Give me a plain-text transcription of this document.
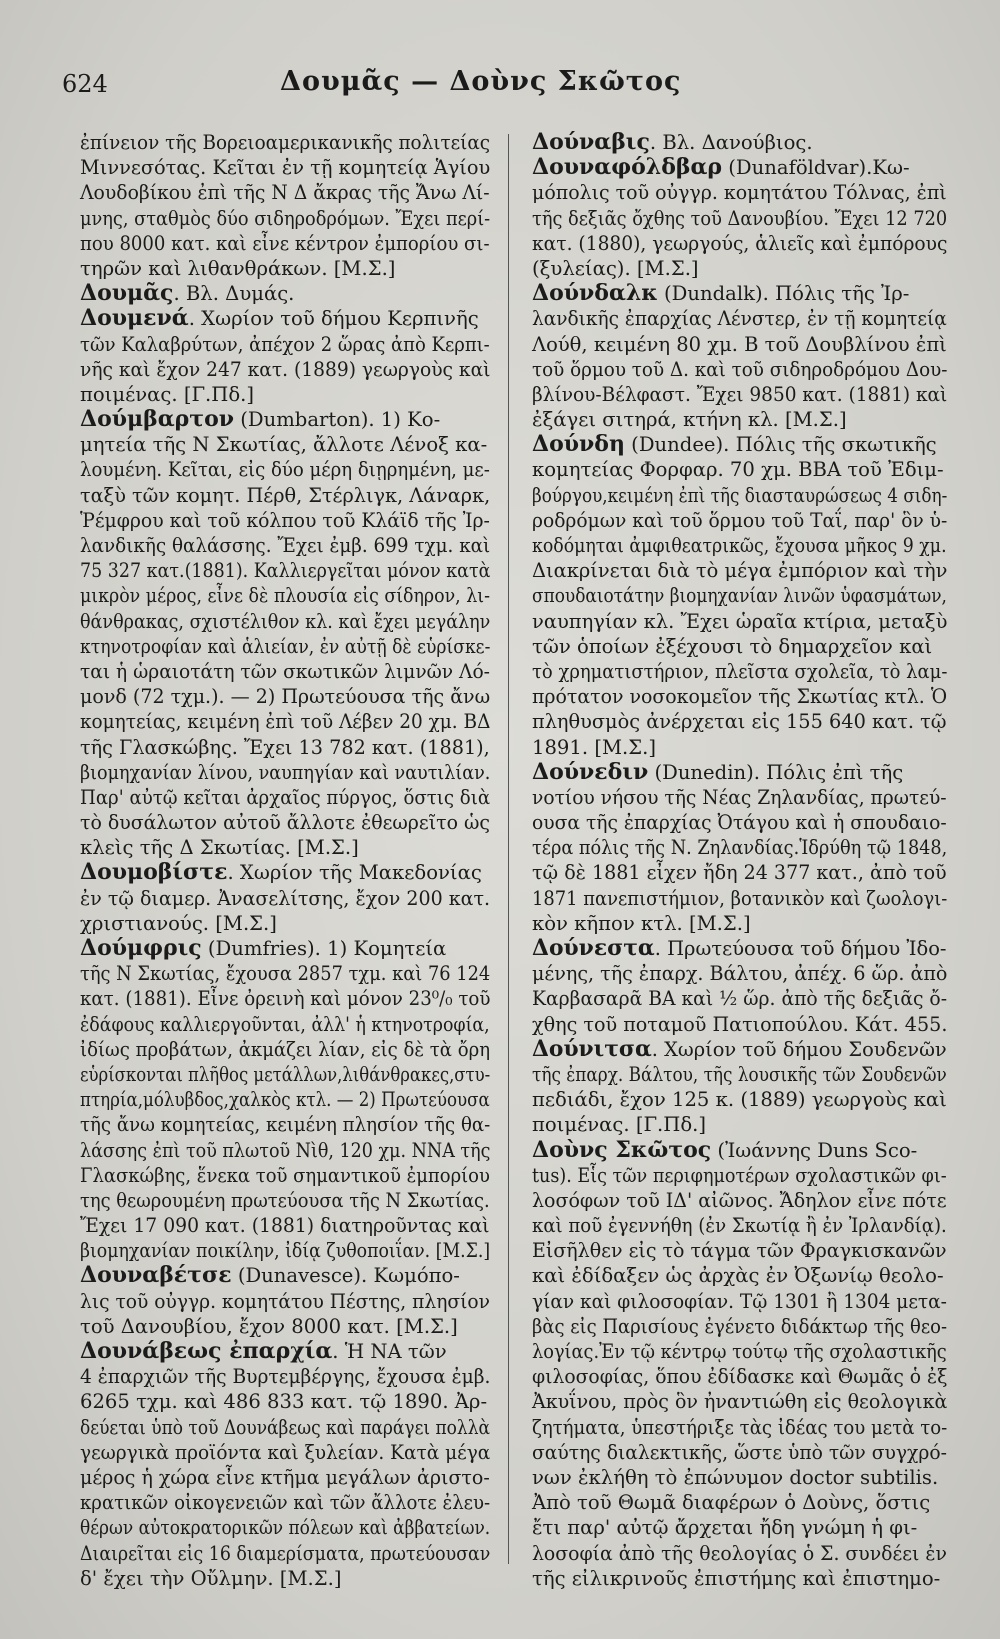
624	Δουμᾶς — Δοὺνς Σκῶτος
ἐπίνειον τῆς Βορειοαμερικανικῆς πολιτείας
Μιννεσότας. Κεῖται ἐν τῇ κομητείᾳ Ἁγίου
Λουδοβίκου ἐπὶ τῆς Ν Δ ἄκρας τῆς Ἄνω Λί-
μνης, σταθμὸς δύο σιδηροδρόμων. Ἔχει περί-
που 8000 κατ. καὶ εἶνε κέντρον ἐμπορίου σι-
τηρῶν καὶ λιθανθράκων. [Μ.Σ.]
Δουμᾶς. Βλ. Δυμάς.
Δουμενά. Χωρίον τοῦ δήμου Κερπινῆς
τῶν Καλαβρύτων, ἀπέχον 2 ὥρας ἀπὸ Κερπι-
νῆς καὶ ἔχον 247 κατ. (1889) γεωργοὺς καὶ
ποιμένας. [Γ.Πδ.]
Δούμβαρτον (Dumbarton). 1) Κο-
μητεία τῆς Ν Σκωτίας, ἄλλοτε Λένοξ κα-
λουμένη. Κεῖται, εἰς δύο μέρη διῃρημένη, με-
ταξὺ τῶν κομητ. Πέρθ, Στέρλιγκ, Λάναρκ,
Ῥέμφρου καὶ τοῦ κόλπου τοῦ Κλάϊδ τῆς Ἰρ-
λανδικῆς θαλάσσης. Ἔχει ἐμβ. 699 τχμ. καὶ
75 327 κατ.(1881). Καλλιεργεῖται μόνον κατὰ
μικρὸν μέρος, εἶνε δὲ πλουσία εἰς σίδηρον, λι-
θάνθρακας, σχιστέλιθον κλ. καὶ ἔχει μεγάλην
κτηνοτροφίαν καὶ ἁλιείαν, ἐν αὐτῇ δὲ εὑρίσκε-
ται ἡ ὡραιοτάτη τῶν σκωτικῶν λιμνῶν Λό-
μονδ (72 τχμ.). — 2) Πρωτεύουσα τῆς ἄνω
κομητείας, κειμένη ἐπὶ τοῦ Λέβεν 20 χμ. ΒΔ
τῆς Γλασκώβης. Ἔχει 13 782 κατ. (1881),
βιομηχανίαν λίνου, ναυπηγίαν καὶ ναυτιλίαν.
Παρ' αὐτῷ κεῖται ἀρχαῖος πύργος, ὅστις διὰ
τὸ δυσάλωτον αὐτοῦ ἄλλοτε ἐθεωρεῖτο ὡς
κλεὶς τῆς Δ Σκωτίας. [Μ.Σ.]
Δουμοβίστε. Χωρίον τῆς Μακεδονίας
ἐν τῷ διαμερ. Ἀνασελίτσης, ἔχον 200 κατ.
χριστιανούς. [Μ.Σ.]
Δούμφρις (Dumfries). 1) Κομητεία
τῆς Ν Σκωτίας, ἔχουσα 2857 τχμ. καὶ 76 124
κατ. (1881). Εἶνε ὀρεινὴ καὶ μόνον 23⁰/₀ τοῦ
ἐδάφους καλλιεργοῦνται, ἀλλ' ἡ κτηνοτροφία,
ἰδίως προβάτων, ἀκμάζει λίαν, εἰς δὲ τὰ ὄρη
εὑρίσκονται πλῆθος μετάλλων,λιθάνθρακες,στυ-
πτηρία,μόλυβδος,χαλκὸς κτλ. — 2) Πρωτεύουσα
τῆς ἄνω κομητείας, κειμένη πλησίον τῆς θα-
λάσσης ἐπὶ τοῦ πλωτοῦ Νὶθ, 120 χμ. ΝΝΑ τῆς
Γλασκώβης, ἕνεκα τοῦ σημαντικοῦ ἐμπορίου
της θεωρουμένη πρωτεύουσα τῆς Ν Σκωτίας.
Ἔχει 17 090 κατ. (1881) διατηροῦντας καὶ
βιομηχανίαν ποικίλην, ἰδίᾳ ζυθοποιΐαν. [Μ.Σ.]
Δουναβέτσε (Dunavesce). Κωμόπο-
λις τοῦ οὐγγρ. κομητάτου Πέστης, πλησίον
τοῦ Δανουβίου, ἔχον 8000 κατ. [Μ.Σ.]
Δουνάβεως ἐπαρχία. Ἡ ΝΑ τῶν
4 ἐπαρχιῶν τῆς Βυρτεμβέργης, ἔχουσα ἐμβ.
6265 τχμ. καὶ 486 833 κατ. τῷ 1890. Ἀρ-
δεύεται ὑπὸ τοῦ Δουνάβεως καὶ παράγει πολλὰ
γεωργικὰ προϊόντα καὶ ξυλείαν. Κατὰ μέγα
μέρος ἡ χώρα εἶνε κτῆμα μεγάλων ἀριστο-
κρατικῶν οἰκογενειῶν καὶ τῶν ἄλλοτε ἐλευ-
θέρων αὐτοκρατορικῶν πόλεων καὶ ἀββατείων.
Διαιρεῖται εἰς 16 διαμερίσματα, πρωτεύουσαν
δ' ἔχει τὴν Οὔλμην. [Μ.Σ.]
Δούναβις. Βλ. Δανούβιος.
Δουναφόλδβαρ (Dunaföldvar).Κω-
μόπολις τοῦ οὐγγρ. κομητάτου Τόλνας, ἐπὶ
τῆς δεξιᾶς ὄχθης τοῦ Δανουβίου. Ἔχει 12 720
κατ. (1880), γεωργούς, ἁλιεῖς καὶ ἐμπόρους
(ξυλείας). [Μ.Σ.]
Δούνδαλκ (Dundalk). Πόλις τῆς Ἰρ-
λανδικῆς ἐπαρχίας Λένστερ, ἐν τῇ κομητείᾳ
Λούθ, κειμένη 80 χμ. Β τοῦ Δουβλίνου ἐπὶ
τοῦ ὅρμου τοῦ Δ. καὶ τοῦ σιδηροδρόμου Δου-
βλίνου-Βέλφαστ. Ἔχει 9850 κατ. (1881) καὶ
ἐξάγει σιτηρά, κτήνη κλ. [Μ.Σ.]
Δούνδη (Dundee). Πόλις τῆς σκωτικῆς
κομητείας Φορφαρ. 70 χμ. ΒΒΑ τοῦ Ἐδιμ-
βούργου,κειμένη ἐπὶ τῆς διασταυρώσεως 4 σιδη-
ροδρόμων καὶ τοῦ ὅρμου τοῦ Ταΐ, παρ' ὃν ὑ-
κοδόμηται ἀμφιθεατρικῶς, ἔχουσα μῆκος 9 χμ.
Διακρίνεται διὰ τὸ μέγα ἐμπόριον καὶ τὴν
σπουδαιοτάτην βιομηχανίαν λινῶν ὑφασμάτων,
ναυπηγίαν κλ. Ἔχει ὡραῖα κτίρια, μεταξὺ
τῶν ὁποίων ἐξέχουσι τὸ δημαρχεῖον καὶ
τὸ χρηματιστήριον, πλεῖστα σχολεῖα, τὸ λαμ-
πρότατον νοσοκομεῖον τῆς Σκωτίας κτλ. Ὁ
πληθυσμὸς ἀνέρχεται εἰς 155 640 κατ. τῷ
1891. [Μ.Σ.]
Δούνεδιν (Dunedin). Πόλις ἐπὶ τῆς
νοτίου νήσου τῆς Νέας Ζηλανδίας, πρωτεύ-
ουσα τῆς ἐπαρχίας Ὀτάγου καὶ ἡ σπουδαιο-
τέρα πόλις τῆς Ν. Ζηλανδίας.Ἱδρύθη τῷ 1848,
τῷ δὲ 1881 εἶχεν ἤδη 24 377 κατ., ἀπὸ τοῦ
1871 πανεπιστήμιον, βοτανικὸν καὶ ζωολογι-
κὸν κῆπον κτλ. [Μ.Σ.]
Δούνεστα. Πρωτεύουσα τοῦ δήμου Ἰδο-
μένης, τῆς ἐπαρχ. Βάλτου, ἀπέχ. 6 ὥρ. ἀπὸ
Καρβασαρᾶ ΒΑ καὶ ½ ὥρ. ἀπὸ τῆς δεξιᾶς ὄ-
χθης τοῦ ποταμοῦ Πατιοπούλου. Κάτ. 455.
Δούνιτσα. Χωρίον τοῦ δήμου Σουδενῶν
τῆς ἐπαρχ. Βάλτου, τῆς λουσικῆς τῶν Σουδενῶν
πεδιάδι, ἔχον 125 κ. (1889) γεωργοὺς καὶ
ποιμένας. [Γ.Πδ.]
Δοὺνς Σκῶτος (Ἰωάννης Duns Sco-
tus). Εἷς τῶν περιφημοτέρων σχολαστικῶν φι-
λοσόφων τοῦ ΙΔ' αἰῶνος. Ἄδηλον εἶνε πότε
καὶ ποῦ ἐγεννήθη (ἐν Σκωτίᾳ ἢ ἐν Ἰρλανδίᾳ).
Εἰσῆλθεν εἰς τὸ τάγμα τῶν Φραγκισκανῶν
καὶ ἐδίδαξεν ὡς ἀρχὰς ἐν Ὀξωνίῳ θεολο-
γίαν καὶ φιλοσοφίαν. Τῷ 1301 ἢ 1304 μετα-
βὰς εἰς Παρισίους ἐγένετο διδάκτωρ τῆς θεο-
λογίας.Ἐν τῷ κέντρῳ τούτῳ τῆς σχολαστικῆς
φιλοσοφίας, ὅπου ἐδίδασκε καὶ Θωμᾶς ὁ ἐξ
Ἀκυΐνου, πρὸς ὃν ἠναντιώθη εἰς θεολογικὰ
ζητήματα, ὑπεστήριξε τὰς ἰδέας του μετὰ το-
σαύτης διαλεκτικῆς, ὥστε ὑπὸ τῶν συγχρό-
νων ἐκλήθη τὸ ἐπώνυμον doctor subtilis.
Ἀπὸ τοῦ Θωμᾶ διαφέρων ὁ Δοὺνς, ὅστις
ἔτι παρ' αὐτῷ ἄρχεται ἤδη γνώμη ἡ φι-
λοσοφία ἀπὸ τῆς θεολογίας ὁ Σ. συνδέει ἐν
τῆς εἰλικρινοῦς ἐπιστήμης καὶ ἐπιστημο-
